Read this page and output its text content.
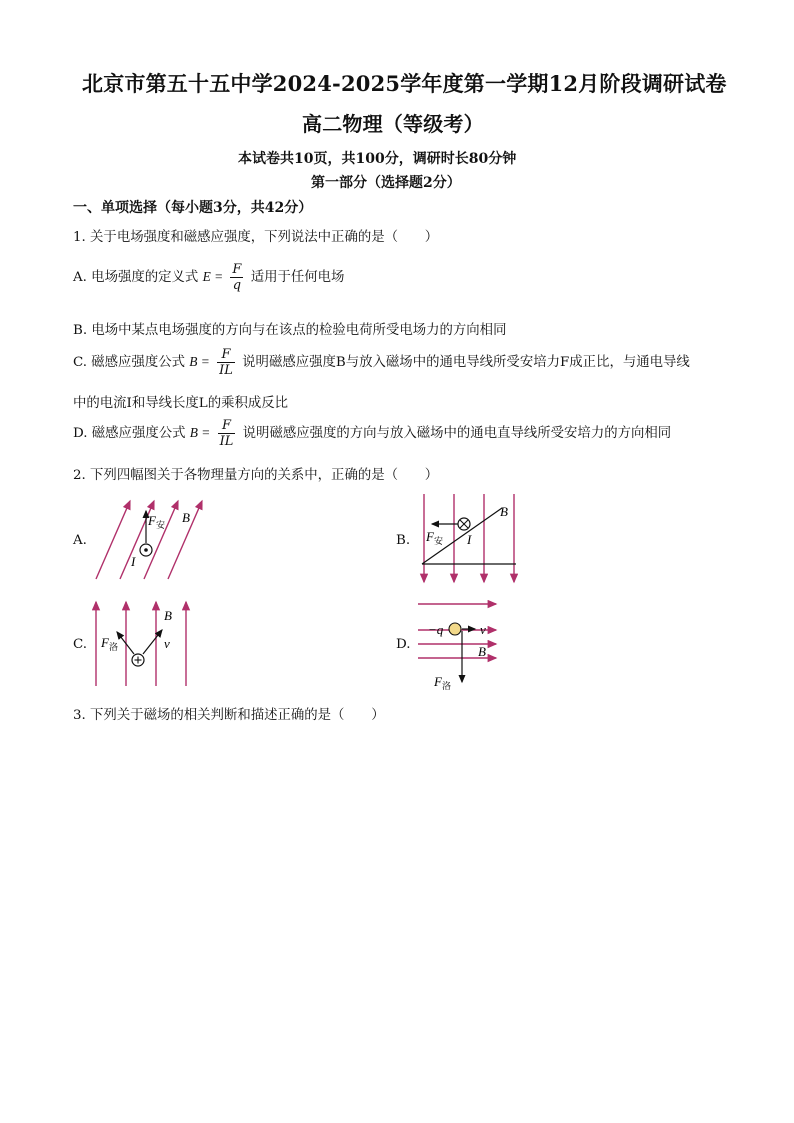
北京市第五十五中学2024-2025学年度第一学期12月阶段调研试卷
高二物理（等级考）
本试卷共10页，共100分，调研时长80分钟
第一部分（选择题2分）
一、单项选择（每小题3分，共42分）
1. 关于电场强度和磁感应强度，下列说法中正确的是（　　）
A. 电场强度的定义式 $E = \frac{F}{q}$ 适用于任何电场
B. 电场中某点电场强度的方向与在该点的检验电荷所受电场力的方向相同
C. 磁感应强度公式 $B = \frac{F}{IL}$ 说明磁感应强度B与放入磁场中的通电导线所受安培力F成正比，与通电导线
中的电流I和导线长度L的乘积成反比
D. 磁感应强度公式 $B = \frac{F}{IL}$ 说明磁感应强度的方向与放入磁场中的通电直导线所受安培力的方向相同
2. 下列四幅图关于各物理量方向的关系中，正确的是（　　）
A.	B.
C.	D.
$F_安$ B
I
B
$F_安$ I
B
v
$F_洛$
−q	v
B
$F_洛$
3. 下列关于磁场的相关判断和描述正确的是（　　）
